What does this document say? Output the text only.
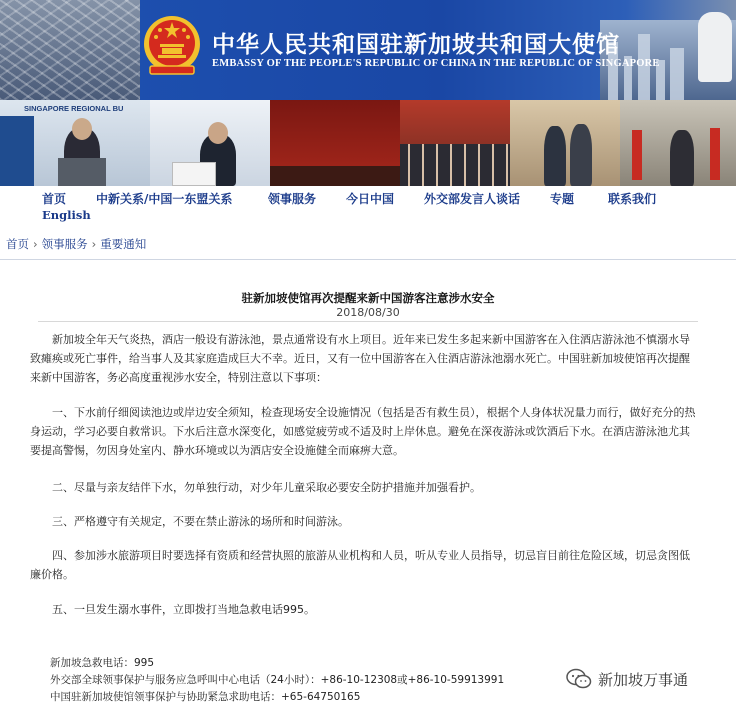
中华人民共和国驻新加坡共和国大使馆
EMBASSY OF THE PEOPLE'S REPUBLIC OF CHINA IN THE REPUBLIC OF SINGAPORE
SINGAPORE REGIONAL BU

首页 中新关系/中国一东盟关系	领事服务 今日中国 外交部发言人谈话 专题	联系我们
English
首页 › 领事服务 › 重要通知
驻新加坡使馆再次提醒来新中国游客注意涉水安全
2018/08/30

新加坡全年天气炎热，酒店一般设有游泳池，景点通常设有水上项目。近年来已发生多起来新中国游客在入住酒店游泳池不慎溺水导致瘫痪或死亡事件，给当事人及其家庭造成巨大不幸。近日，又有一位中国游客在入住酒店游泳池溺水死亡。中国驻新加坡使馆再次提醒来新中国游客，务必高度重视涉水安全，特别注意以下事项：

一、下水前仔细阅读池边或岸边安全须知，检查现场安全设施情况（包括是否有救生员），根据个人身体状况量力而行，做好充分的热身运动，学习必要自救常识。下水后注意水深变化，如感觉疲劳或不适及时上岸休息。避免在深夜游泳或饮酒后下水。在酒店游泳池尤其要提高警惕，勿因身处室内、静水环境或以为酒店安全设施健全而麻痹大意。

二、尽量与亲友结伴下水，勿单独行动，对少年儿童采取必要安全防护措施并加强看护。

三、严格遵守有关规定，不要在禁止游泳的场所和时间游泳。

四、参加涉水旅游项目时要选择有资质和经营执照的旅游从业机构和人员，听从专业人员指导，切忌盲目前往危险区域，切忌贪图低廉价格。

五、一旦发生溺水事件，立即拨打当地急救电话995。

新加坡急救电话：995
外交部全球领事保护与服务应急呼叫中心电话（24小时）：+86-10-12308或+86-10-59913991
中国驻新加坡使馆领事保护与协助紧急求助电话：+65-64750165
新加坡万事通
